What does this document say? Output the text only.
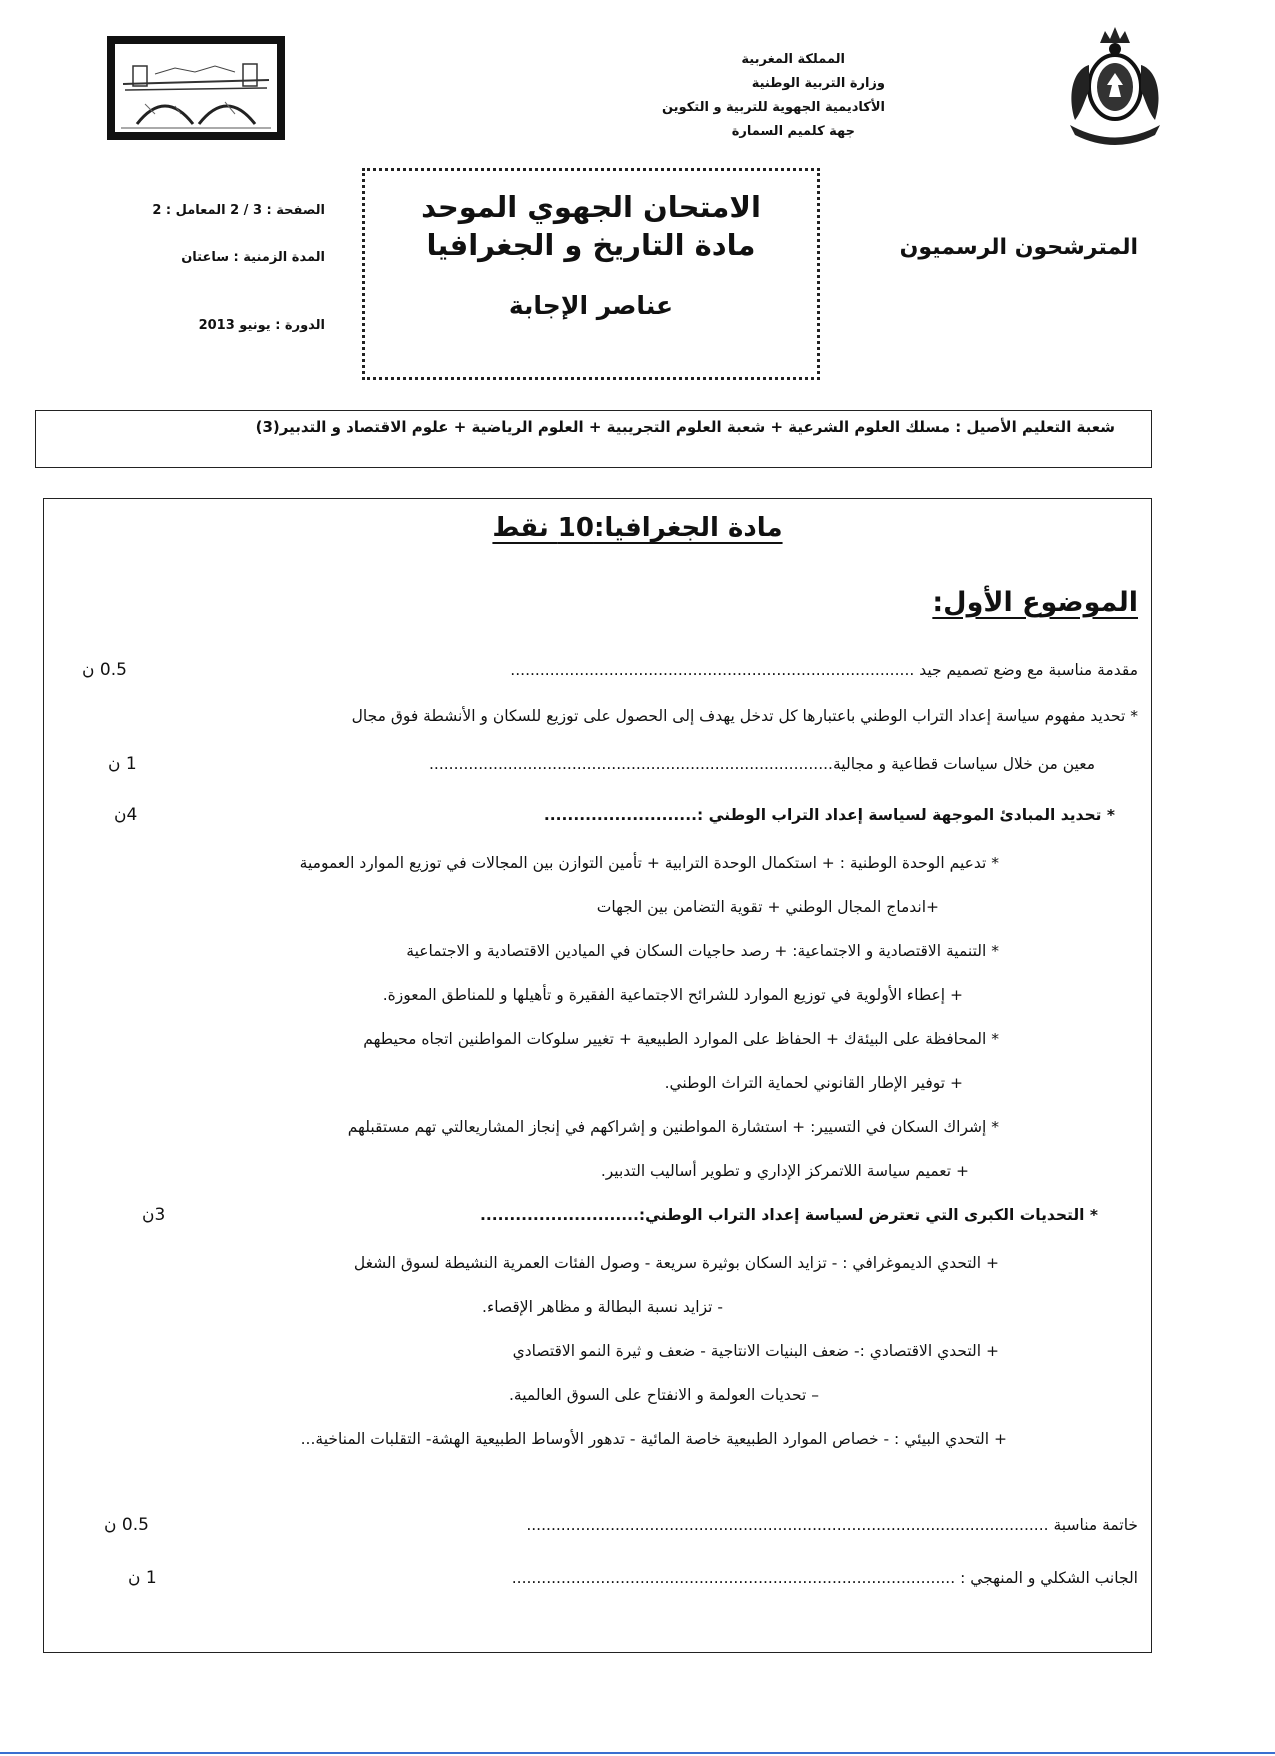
المملكة المغربية
وزارة التربية الوطنية
الأكاديمية الجهوية للتربية و التكوين
جهة كلميم السمارة
الصفحة : 3 / 2 المعامل : 2
المدة الزمنية : ساعتان
الدورة : يونيو 2013
الامتحان الجهوي الموحد
مادة التاريخ و الجغرافيا
عناصر الإجابة
المترشحون الرسميون
شعبة التعليم الأصيل : مسلك العلوم الشرعية + شعبة العلوم التجريبية + العلوم الرياضية + علوم الاقتصاد و التدبير(3)
مادة الجغرافيا:10 نقط
الموضوع الأول:
مقدمة مناسبة مع وضع تصميم جيد ..................................................................................
0.5 ن
* تحديد مفهوم سياسة إعداد التراب الوطني باعتبارها كل تدخل يهدف إلى الحصول على توزيع للسكان و الأنشطة فوق مجال
معين من خلال سياسات قطاعية و مجالية..................................................................................
1 ن
* تحديد المبادئ الموجهة لسياسة إعداد التراب الوطني :..........................
4ن
* تدعيم الوحدة الوطنية : + استكمال الوحدة الترابية + تأمين التوازن بين المجالات في توزيع الموارد العمومية
+اندماج المجال الوطني + تقوية التضامن بين الجهات
* التنمية الاقتصادية و الاجتماعية: + رصد حاجيات السكان في الميادين الاقتصادية و الاجتماعية
+ إعطاء الأولوية في توزيع الموارد للشرائح الاجتماعية الفقيرة و تأهيلها و للمناطق المعوزة.
* المحافظة على البيئةك + الحفاظ على الموارد الطبيعية + تغيير سلوكات المواطنين اتجاه محيطهم
+ توفير الإطار القانوني لحماية التراث الوطني.
* إشراك السكان في التسيير: + استشارة المواطنين و إشراكهم في إنجاز المشاريعالتي تهم مستقبلهم
+ تعميم سياسة اللاتمركز الإداري و تطوير أساليب التدبير.
* التحديات الكبرى التي تعترض لسياسة إعداد التراب الوطني:...........................
3ن
+ التحدي الديموغرافي : - تزايد السكان بوثيرة سريعة - وصول الفئات العمرية النشيطة لسوق الشغل
- تزايد نسبة البطالة و مظاهر الإقصاء.
+ التحدي الاقتصادي :- ضعف البنيات الانتاجية - ضعف و ثيرة النمو الاقتصادي
– تحديات العولمة و الانفتاح على السوق العالمية.
+ التحدي البيئي : - خصاص الموارد الطبيعية خاصة المائية - تدهور الأوساط الطبيعية الهشة- التقلبات المناخية...
خاتمة مناسبة ..........................................................................................................
0.5 ن
الجانب الشكلي و المنهجي : ..........................................................................................
1 ن
